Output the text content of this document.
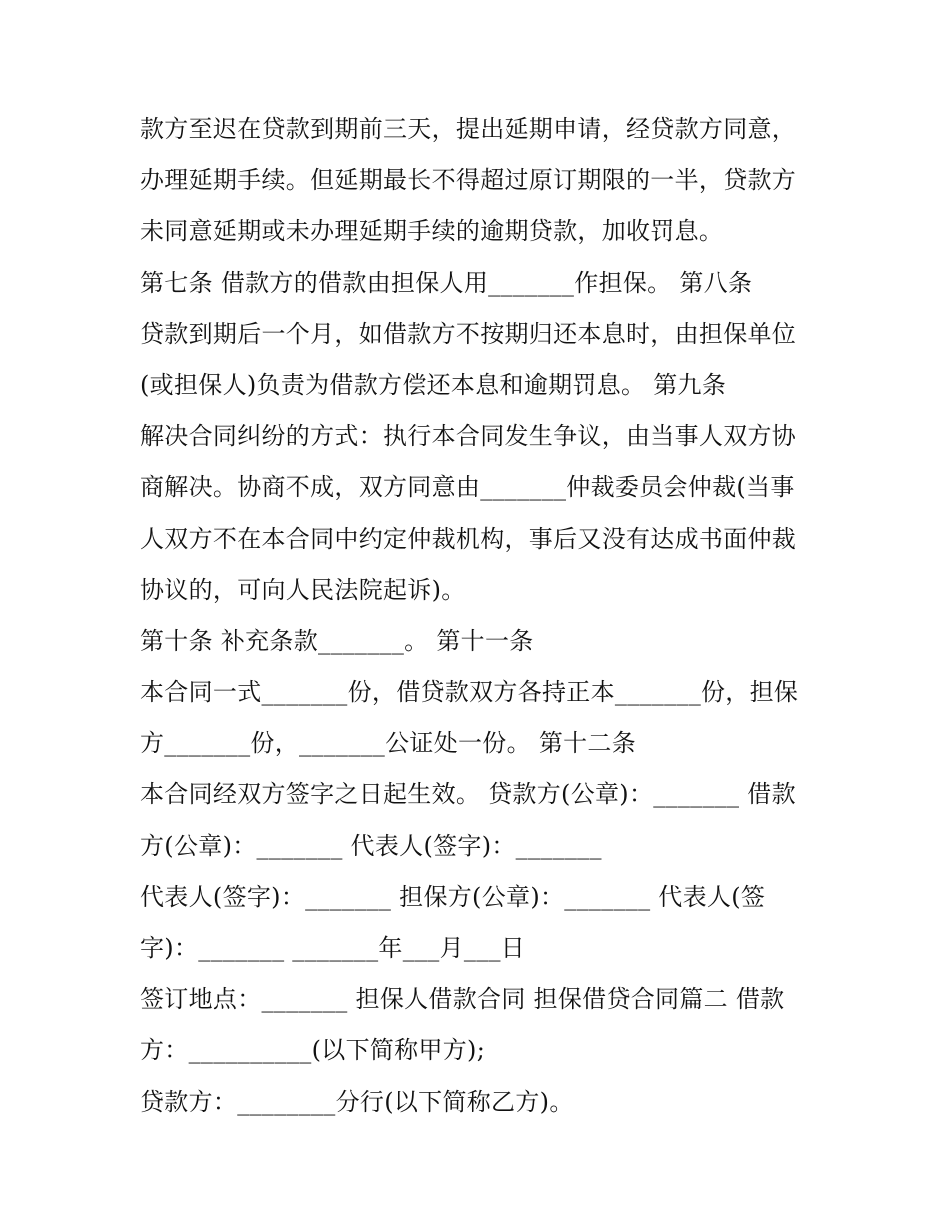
款方至迟在贷款到期前三天，提出延期申请，经贷款方同意，
办理延期手续。但延期最长不得超过原订期限的一半，贷款方
未同意延期或未办理延期手续的逾期贷款，加收罚息。
第七条 借款方的借款由担保人用_______作担保。 第八条
贷款到期后一个月，如借款方不按期归还本息时，由担保单位
(或担保人)负责为借款方偿还本息和逾期罚息。 第九条
解决合同纠纷的方式：执行本合同发生争议，由当事人双方协
商解决。协商不成，双方同意由_______仲裁委员会仲裁(当事
人双方不在本合同中约定仲裁机构，事后又没有达成书面仲裁
协议的，可向人民法院起诉)。
第十条 补充条款_______。 第十一条
本合同一式_______份，借贷款双方各持正本_______份，担保
方_______份，_______公证处一份。 第十二条
本合同经双方签字之日起生效。 贷款方(公章)：_______ 借款
方(公章)：_______ 代表人(签字)：_______
代表人(签字)：_______ 担保方(公章)：_______ 代表人(签
字)：_______ _______年___月___日
签订地点：_______ 担保人借款合同 担保借贷合同篇二 借款
方：__________(以下简称甲方);
贷款方：________分行(以下简称乙方)。
